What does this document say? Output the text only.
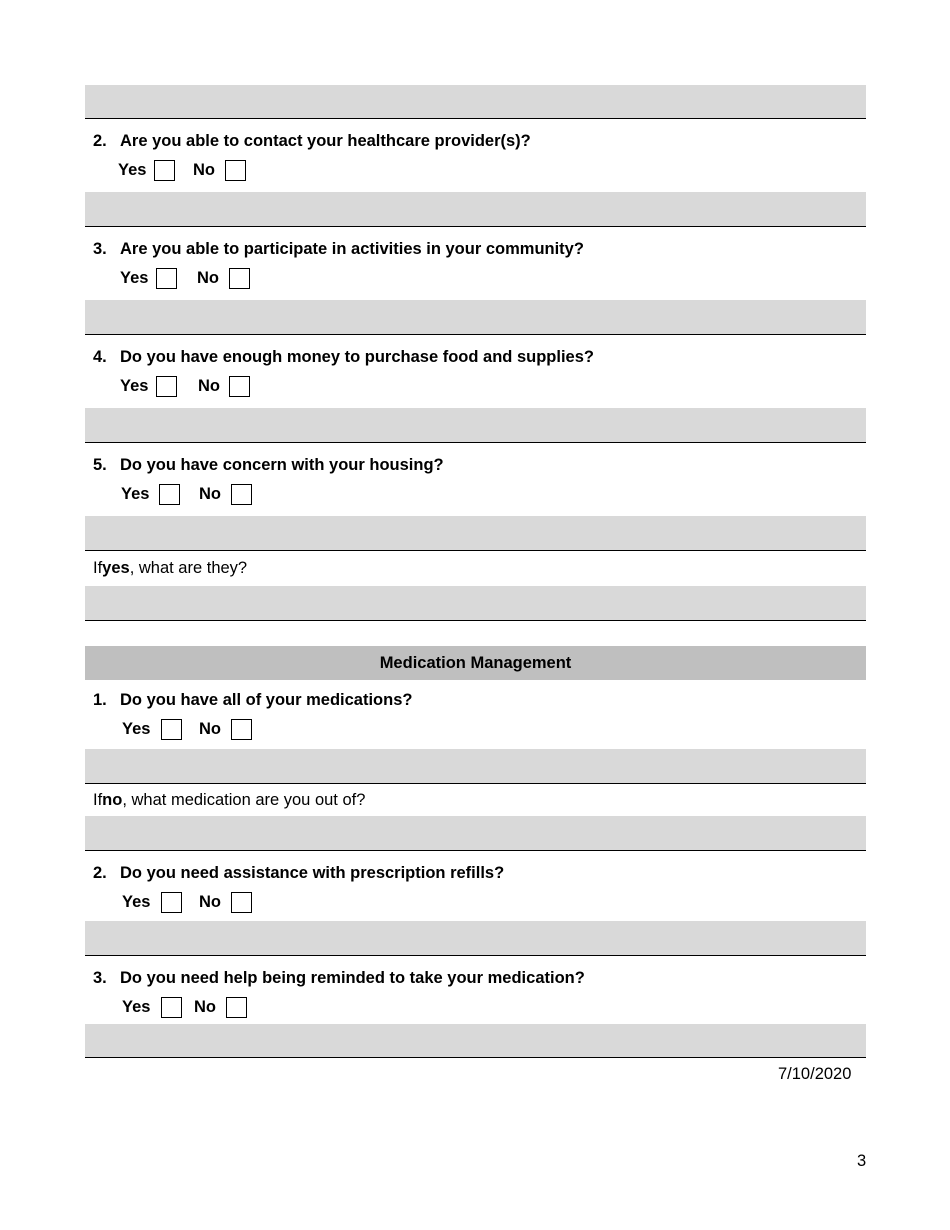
2. Are you able to contact your healthcare provider(s)?
Yes	No
3. Are you able to participate in activities in your community?
Yes	No
4. Do you have enough money to purchase food and supplies?
Yes	No
5. Do you have concern with your housing?
Yes	No
If yes , what are they?
Medication Management
1. Do you have all of your medications?
Yes	No
If no , what medication are you out of?
2. Do you need assistance with prescription refills?
Yes	No
3. Do you need help being reminded to take your medication?
Yes	No
7/10/2020
3
